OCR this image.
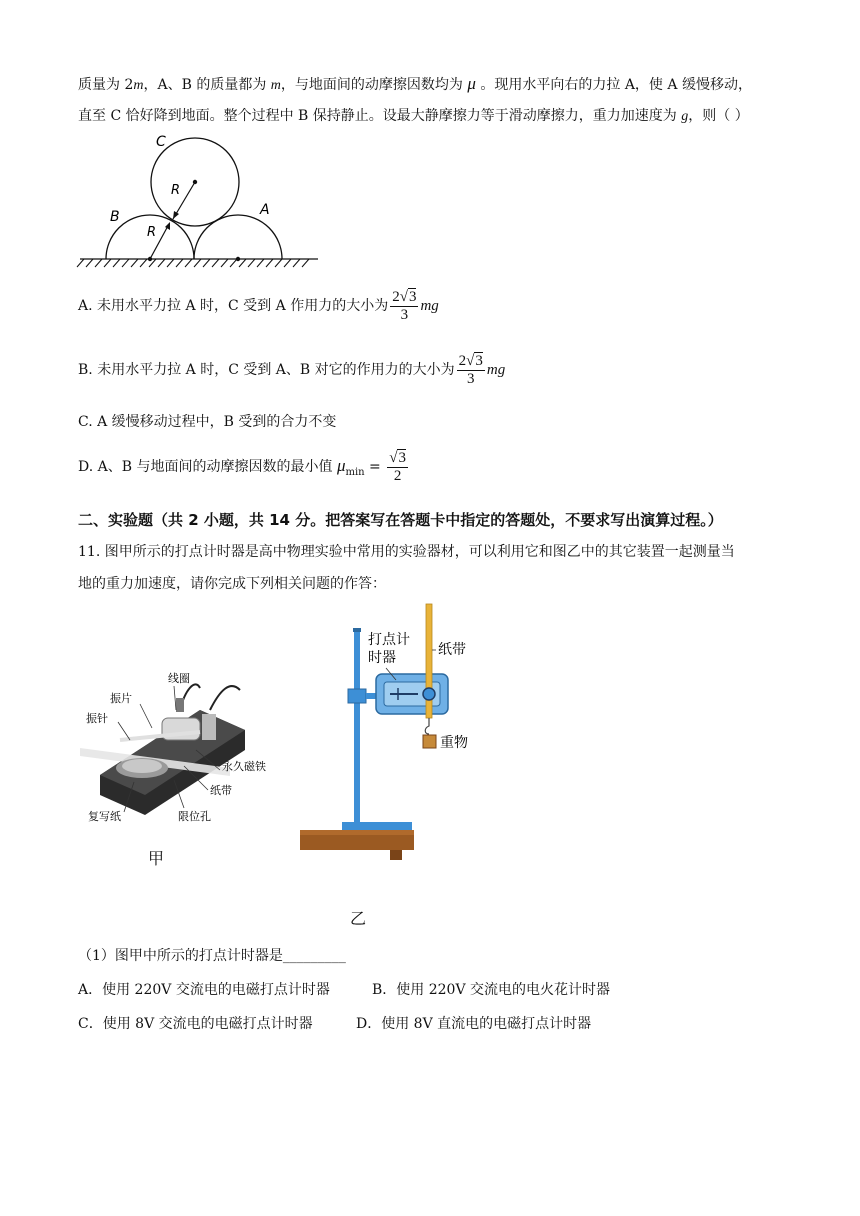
质量为 2m，A、B 的质量都为 m，与地面间的动摩擦因数均为 μ 。现用水平向右的力拉 A，使 A 缓慢移动，
直至 C 恰好降到地面。整个过程中 B 保持静止。设最大静摩擦力等于滑动摩擦力，重力加速度为 g，则（ ）
C
R
B
R
A
A. 未用水平力拉 A 时，C 受到 A 作用力的大小为 $\frac{2√3}{3}$ mg
B. 未用水平力拉 A 时，C 受到 A、B 对它的作用力的大小为 $\frac{2√3}{3}$ mg
C. A 缓慢移动过程中，B 受到的合力不变
D. A、B 与地面间的动摩擦因数的最小值 $\mu_{min} = \frac{√3}{2}$
二、实验题（共 2 小题，共 14 分。把答案写在答题卡中指定的答题处，不要求写出演算过程。）
11. 图甲所示的打点计时器是高中物理实验中常用的实验器材，可以利用它和图乙中的其它装置一起测量当
地的重力加速度，请你完成下列相关问题的作答：
线圈
振片
振针
永久磁铁
纸带
限位孔
复写纸
甲
打点计
时器	纸带
重物
乙
（1）图甲中所示的打点计时器是_________
A．使用 220V 交流电的电磁打点计时器	B．使用 220V 交流电的电火花计时器
C．使用 8V 交流电的电磁打点计时器	D．使用 8V 直流电的电磁打点计时器
